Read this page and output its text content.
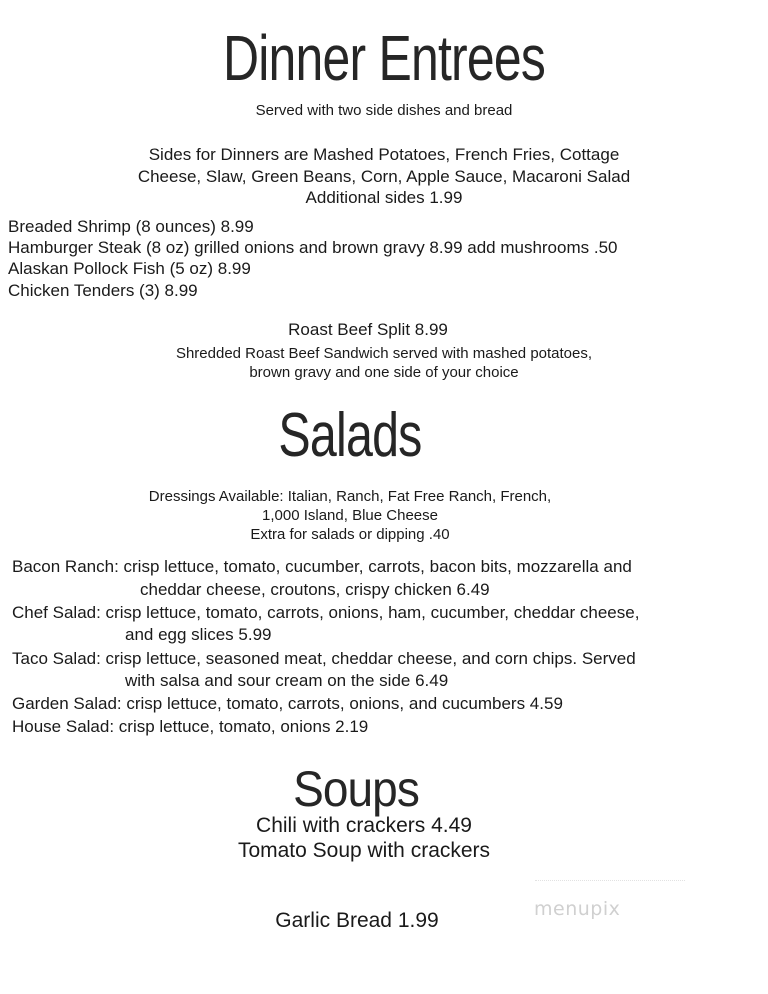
Dinner Entrees
Served with two side dishes and bread
Sides for Dinners are Mashed Potatoes, French Fries, Cottage
Cheese, Slaw, Green Beans, Corn, Apple Sauce, Macaroni Salad
Additional sides 1.99
Breaded Shrimp (8 ounces) 8.99
Hamburger Steak (8 oz) grilled onions and brown gravy 8.99 add mushrooms .50
Alaskan Pollock Fish (5 oz) 8.99
Chicken Tenders (3) 8.99
Roast Beef Split 8.99
Shredded Roast Beef Sandwich served with mashed potatoes,
brown gravy and one side of your choice
Salads
Dressings Available: Italian, Ranch, Fat Free Ranch, French,
1,000 Island, Blue Cheese
Extra for salads or dipping .40
Bacon Ranch: crisp lettuce, tomato, cucumber, carrots, bacon bits, mozzarella and
cheddar cheese, croutons, crispy chicken 6.49
Chef Salad: crisp lettuce, tomato, carrots, onions, ham, cucumber, cheddar cheese,
and egg slices 5.99
Taco Salad: crisp lettuce, seasoned meat, cheddar cheese, and corn chips. Served
with salsa and sour cream on the side 6.49
Garden Salad: crisp lettuce, tomato, carrots, onions, and cucumbers 4.59
House Salad: crisp lettuce, tomato, onions 2.19
Soups
Chili with crackers 4.49
Tomato Soup with crackers
Garlic Bread 1.99	menupix
